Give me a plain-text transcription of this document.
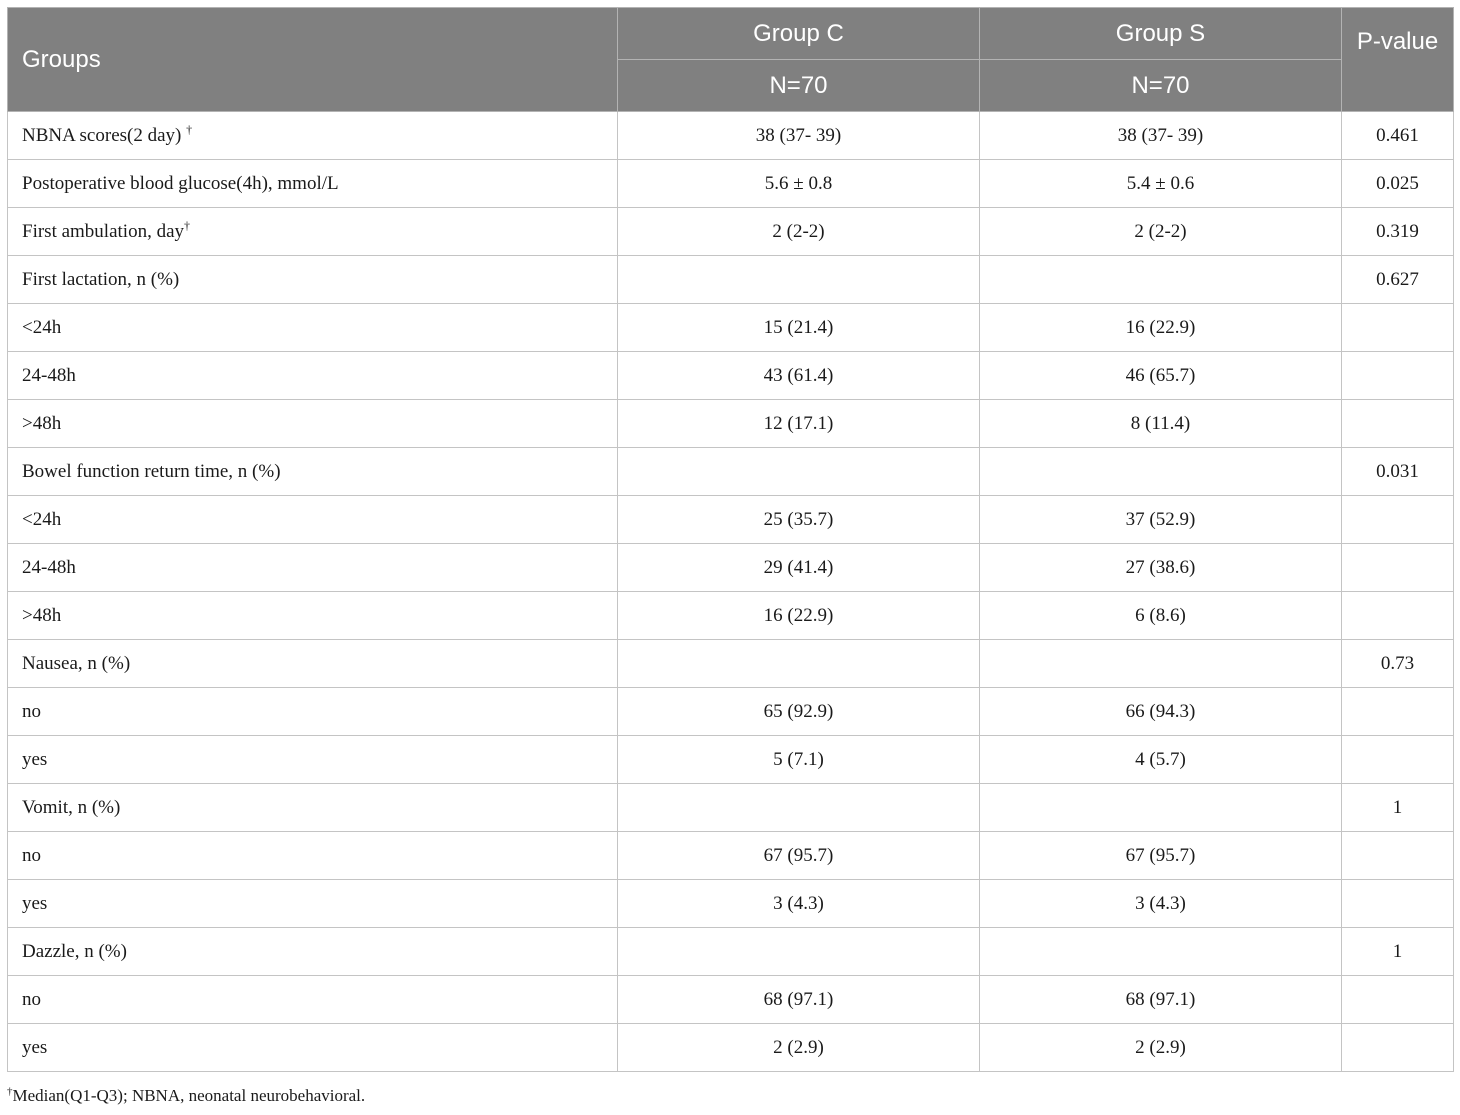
Groups	Group C	Group S	P-value
	N=70	N=70	
NBNA scores(2 day) †	38 (37- 39)	38 (37- 39)	0.461
Postoperative blood glucose(4h), mmol/L	5.6 ± 0.8	5.4 ± 0.6	0.025
First ambulation, day†	2 (2-2)	2 (2-2)	0.319
First lactation, n (%)			0.627
<24h	15 (21.4)	16 (22.9)	
24-48h	43 (61.4)	46 (65.7)	
>48h	12 (17.1)	8 (11.4)	
Bowel function return time, n (%)			0.031
<24h	25 (35.7)	37 (52.9)	
24-48h	29 (41.4)	27 (38.6)	
>48h	16 (22.9)	6 (8.6)	
Nausea, n (%)			0.73
no	65 (92.9)	66 (94.3)	
yes	5 (7.1)	4 (5.7)	
Vomit, n (%)			1
no	67 (95.7)	67 (95.7)	
yes	3 (4.3)	3 (4.3)	
Dazzle, n (%)			1
no	68 (97.1)	68 (97.1)	
yes	2 (2.9)	2 (2.9)	
†Median(Q1-Q3); NBNA, neonatal neurobehavioral.
